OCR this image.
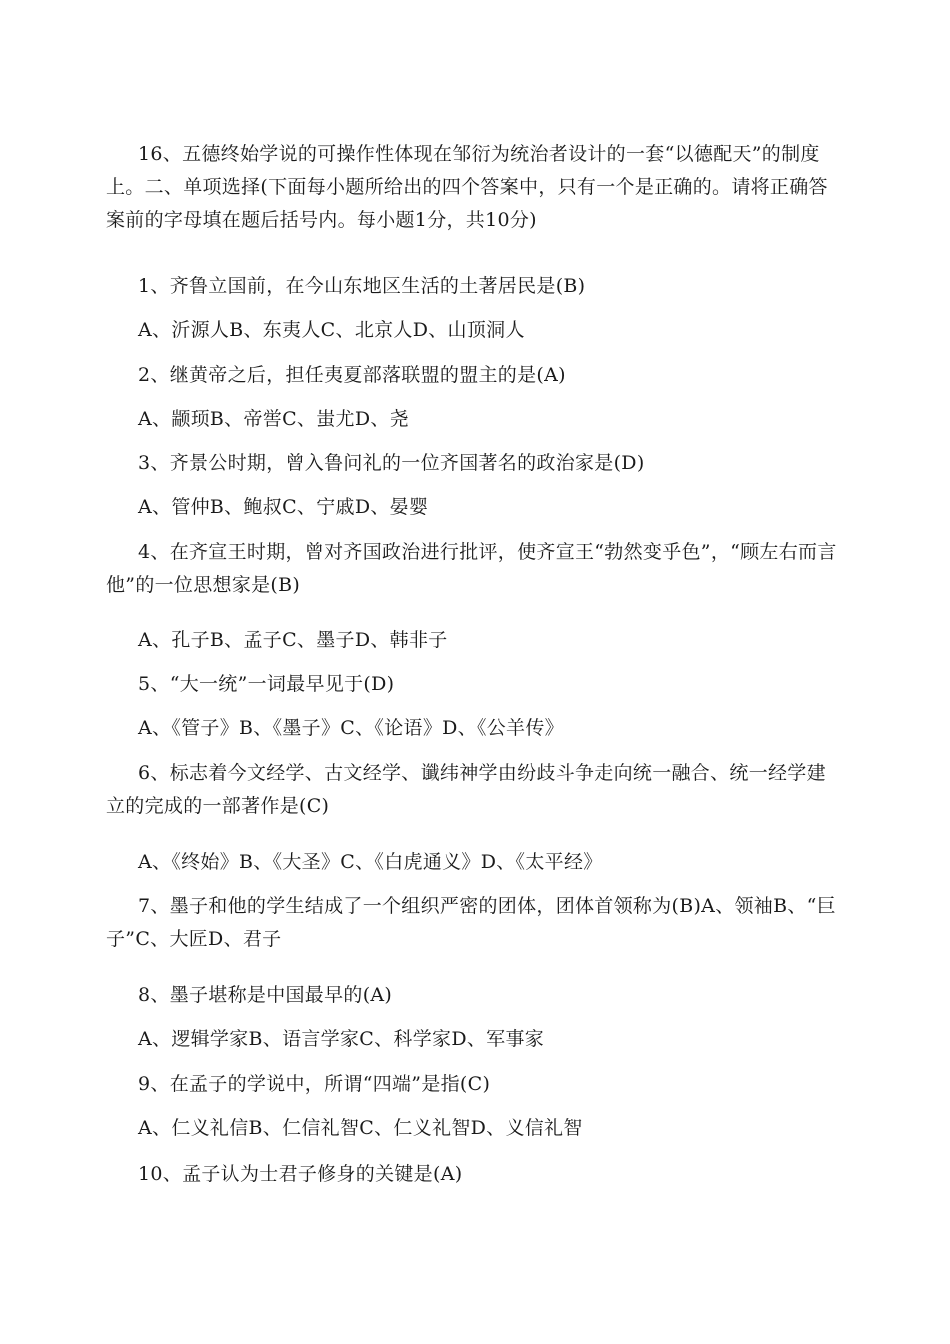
16、五德终始学说的可操作性体现在邹衍为统治者设计的一套“以德配天”的制度上。二、单项选择(下面每小题所给出的四个答案中，只有一个是正确的。请将正确答案前的字母填在题后括号内。每小题1分，共10分)
1、齐鲁立国前，在今山东地区生活的土著居民是(B)
A、沂源人B、东夷人C、北京人D、山顶洞人
2、继黄帝之后，担任夷夏部落联盟的盟主的是(A)
A、颛顼B、帝喾C、蚩尤D、尧
3、齐景公时期，曾入鲁问礼的一位齐国著名的政治家是(D)
A、管仲B、鲍叔C、宁戚D、晏婴
4、在齐宣王时期，曾对齐国政治进行批评，使齐宣王“勃然变乎色”，“顾左右而言他”的一位思想家是(B)
A、孔子B、孟子C、墨子D、韩非子
5、“大一统”一词最早见于(D)
A、《管子》B、《墨子》C、《论语》D、《公羊传》
6、标志着今文经学、古文经学、谶纬神学由纷歧斗争走向统一融合、统一经学建立的完成的一部著作是(C)
A、《终始》B、《大圣》C、《白虎通义》D、《太平经》
7、墨子和他的学生结成了一个组织严密的团体，团体首领称为(B)A、领袖B、“巨子”C、大匠D、君子
8、墨子堪称是中国最早的(A)
A、逻辑学家B、语言学家C、科学家D、军事家
9、在孟子的学说中，所谓“四端”是指(C)
A、仁义礼信B、仁信礼智C、仁义礼智D、义信礼智
10、孟子认为士君子修身的关键是(A)
